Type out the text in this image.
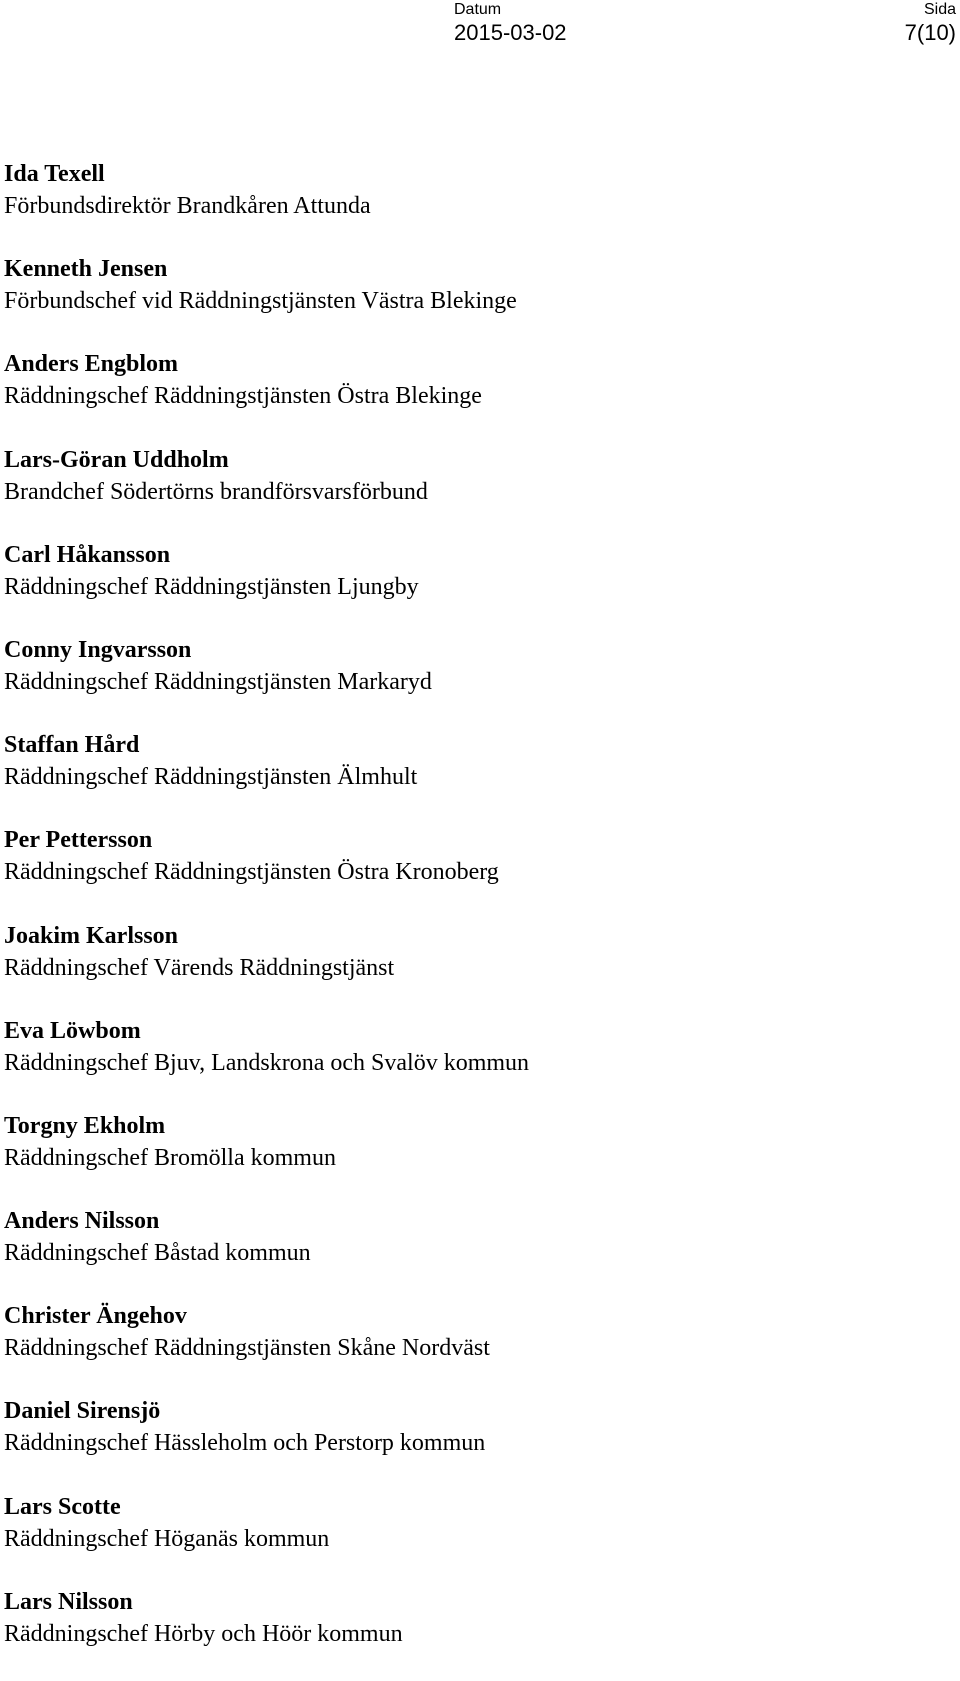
Datum
2015-03-02
Sida
7(10)
Ida Texell
Förbundsdirektör Brandkåren Attunda
Kenneth Jensen
Förbundschef vid Räddningstjänsten Västra Blekinge
Anders Engblom
Räddningschef Räddningstjänsten Östra Blekinge
Lars-Göran Uddholm
Brandchef Södertörns brandförsvarsförbund
Carl Håkansson
Räddningschef Räddningstjänsten Ljungby
Conny Ingvarsson
Räddningschef Räddningstjänsten Markaryd
Staffan Hård
Räddningschef Räddningstjänsten Älmhult
Per Pettersson
Räddningschef Räddningstjänsten Östra Kronoberg
Joakim Karlsson
Räddningschef Värends Räddningstjänst
Eva Löwbom
Räddningschef Bjuv, Landskrona och Svalöv kommun
Torgny Ekholm
Räddningschef Bromölla kommun
Anders Nilsson
Räddningschef Båstad kommun
Christer Ängehov
Räddningschef Räddningstjänsten Skåne Nordväst
Daniel Sirensjö
Räddningschef Hässleholm och Perstorp kommun
Lars Scotte
Räddningschef Höganäs kommun
Lars Nilsson
Räddningschef Hörby och Höör kommun
